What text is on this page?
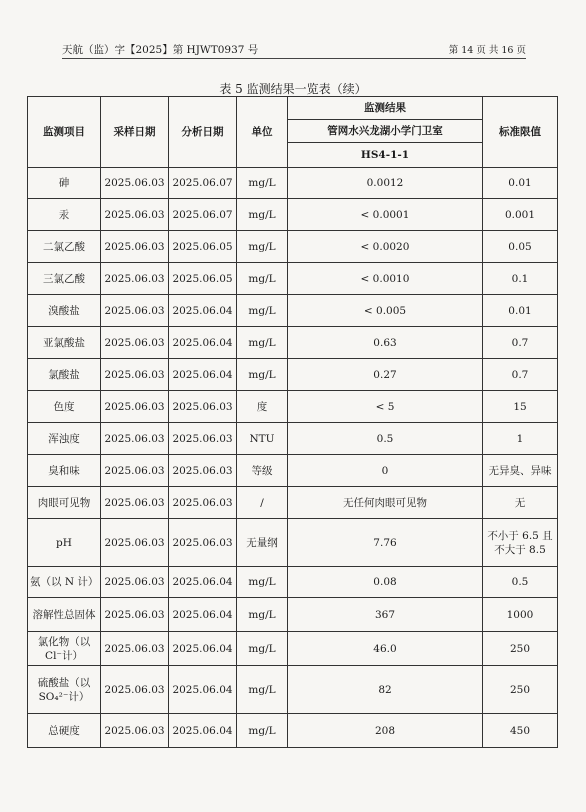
天航（监）字【2025】第 HJWT0937 号	第 14 页 共 16 页
表 5 监测结果一览表（续）
监测项目	采样日期	分析日期	单位	监测结果	标准限值
				管网水兴龙湖小学门卫室	
				HS4-1-1	
砷	2025.06.03	2025.06.07	mg/L	0.0012	0.01
汞	2025.06.03	2025.06.07	mg/L	< 0.0001	0.001
二氯乙酸	2025.06.03	2025.06.05	mg/L	< 0.0020	0.05
三氯乙酸	2025.06.03	2025.06.05	mg/L	< 0.0010	0.1
溴酸盐	2025.06.03	2025.06.04	mg/L	< 0.005	0.01
亚氯酸盐	2025.06.03	2025.06.04	mg/L	0.63	0.7
氯酸盐	2025.06.03	2025.06.04	mg/L	0.27	0.7
色度	2025.06.03	2025.06.03	度	< 5	15
浑浊度	2025.06.03	2025.06.03	NTU	0.5	1
臭和味	2025.06.03	2025.06.03	等级	0	无异臭、异味
肉眼可见物	2025.06.03	2025.06.03	/	无任何肉眼可见物	无
pH	2025.06.03	2025.06.03	无量纲	7.76	不小于 6.5 且不大于 8.5
氨（以 N 计）	2025.06.03	2025.06.04	mg/L	0.08	0.5
溶解性总固体	2025.06.03	2025.06.04	mg/L	367	1000
氯化物（以 Cl⁻计）	2025.06.03	2025.06.04	mg/L	46.0	250
硫酸盐（以 SO₄²⁻计）	2025.06.03	2025.06.04	mg/L	82	250
总硬度	2025.06.03	2025.06.04	mg/L	208	450
